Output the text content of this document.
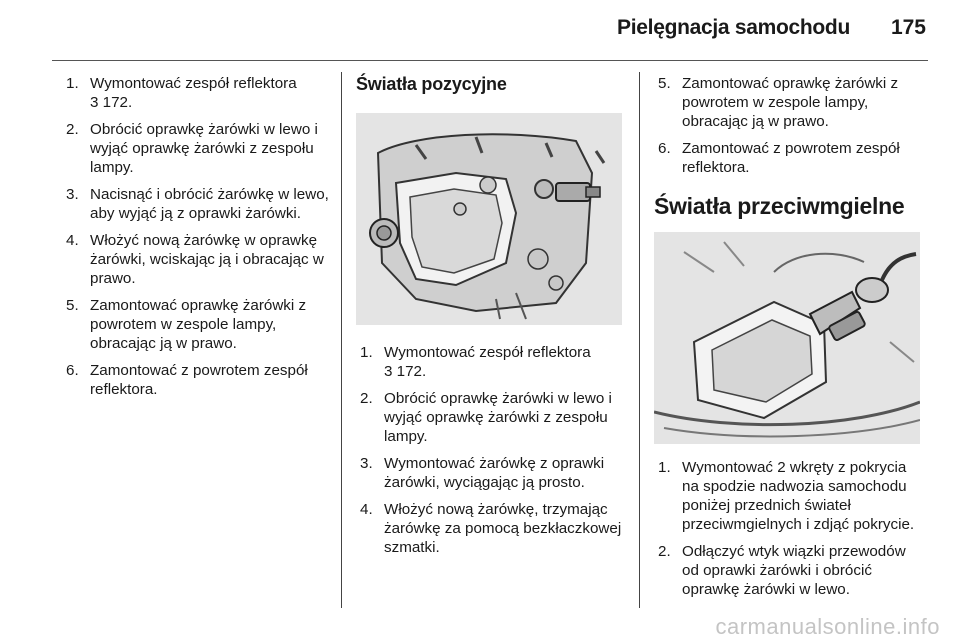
Pielęgnacja samochodu	175
1. Wymontować zespół reflektora
3 172.
2. Obrócić oprawkę żarówki w lewo i wyjąć oprawkę żarówki z zespołu lampy.
3. Nacisnąć i obrócić żarówkę w lewo, aby wyjąć ją z oprawki żarówki.
4. Włożyć nową żarówkę w oprawkę żarówki, wciskając ją i obracając w prawo.
5. Zamontować oprawkę żarówki z powrotem w zespole lampy, obracając ją w prawo.
6. Zamontować z powrotem zespół reflektora.
Światła pozycyjne
1. Wymontować zespół reflektora
3 172.
2. Obrócić oprawkę żarówki w lewo i wyjąć oprawkę żarówki z zespołu lampy.
3. Wymontować żarówkę z oprawki żarówki, wyciągając ją prosto.
4. Włożyć nową żarówkę, trzymając żarówkę za pomocą bezkłaczkowej szmatki.
5. Zamontować oprawkę żarówki z powrotem w zespole lampy, obracając ją w prawo.
6. Zamontować z powrotem zespół reflektora.
Światła przeciwmgielne
1. Wymontować 2 wkręty z pokrycia na spodzie nadwozia samochodu poniżej przednich świateł przeciwmgielnych i zdjąć pokrycie.
2. Odłączyć wtyk wiązki przewodów od oprawki żarówki i obrócić oprawkę żarówki w lewo.
carmanualsonline.info
